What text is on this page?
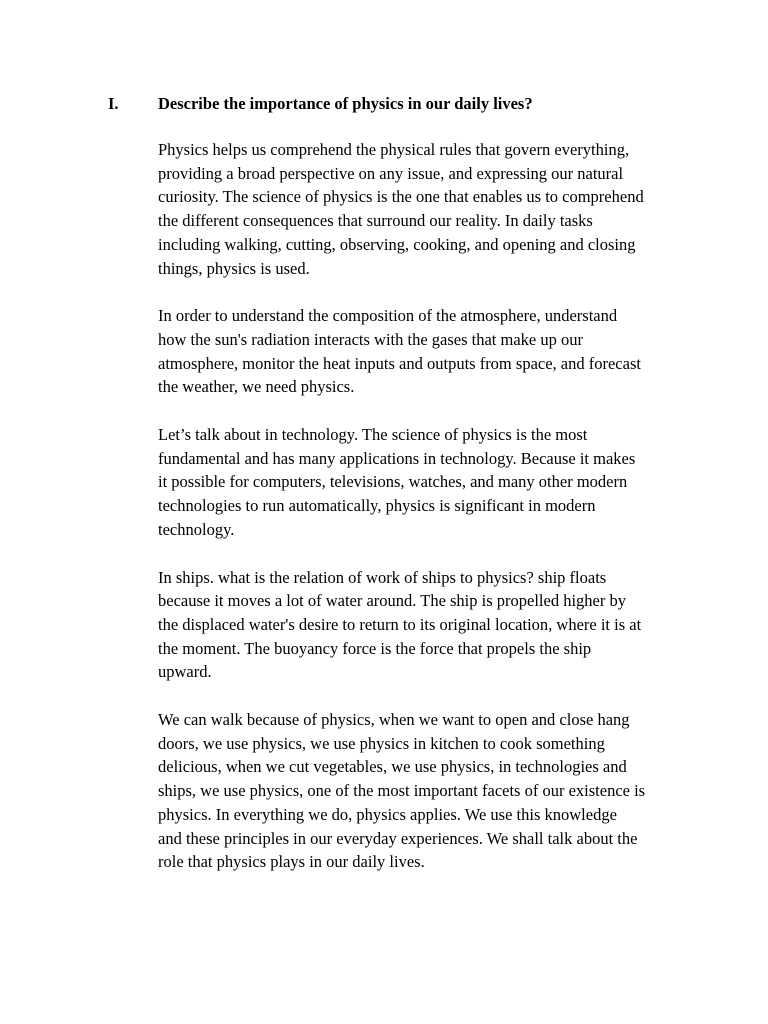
I. Describe the importance of physics in our daily lives?

Physics helps us comprehend the physical rules that govern everything,
providing a broad perspective on any issue, and expressing our natural
curiosity. The science of physics is the one that enables us to comprehend
the different consequences that surround our reality. In daily tasks
including walking, cutting, observing, cooking, and opening and closing
things, physics is used.

In order to understand the composition of the atmosphere, understand
how the sun's radiation interacts with the gases that make up our
atmosphere, monitor the heat inputs and outputs from space, and forecast
the weather, we need physics.

Let’s talk about in technology. The science of physics is the most
fundamental and has many applications in technology. Because it makes
it possible for computers, televisions, watches, and many other modern
technologies to run automatically, physics is significant in modern
technology.

In ships. what is the relation of work of ships to physics? ship floats
because it moves a lot of water around. The ship is propelled higher by
the displaced water's desire to return to its original location, where it is at
the moment. The buoyancy force is the force that propels the ship
upward.

We can walk because of physics, when we want to open and close hang
doors, we use physics, we use physics in kitchen to cook something
delicious, when we cut vegetables, we use physics, in technologies and
ships, we use physics, one of the most important facets of our existence is
physics. In everything we do, physics applies. We use this knowledge
and these principles in our everyday experiences. We shall talk about the
role that physics plays in our daily lives.
